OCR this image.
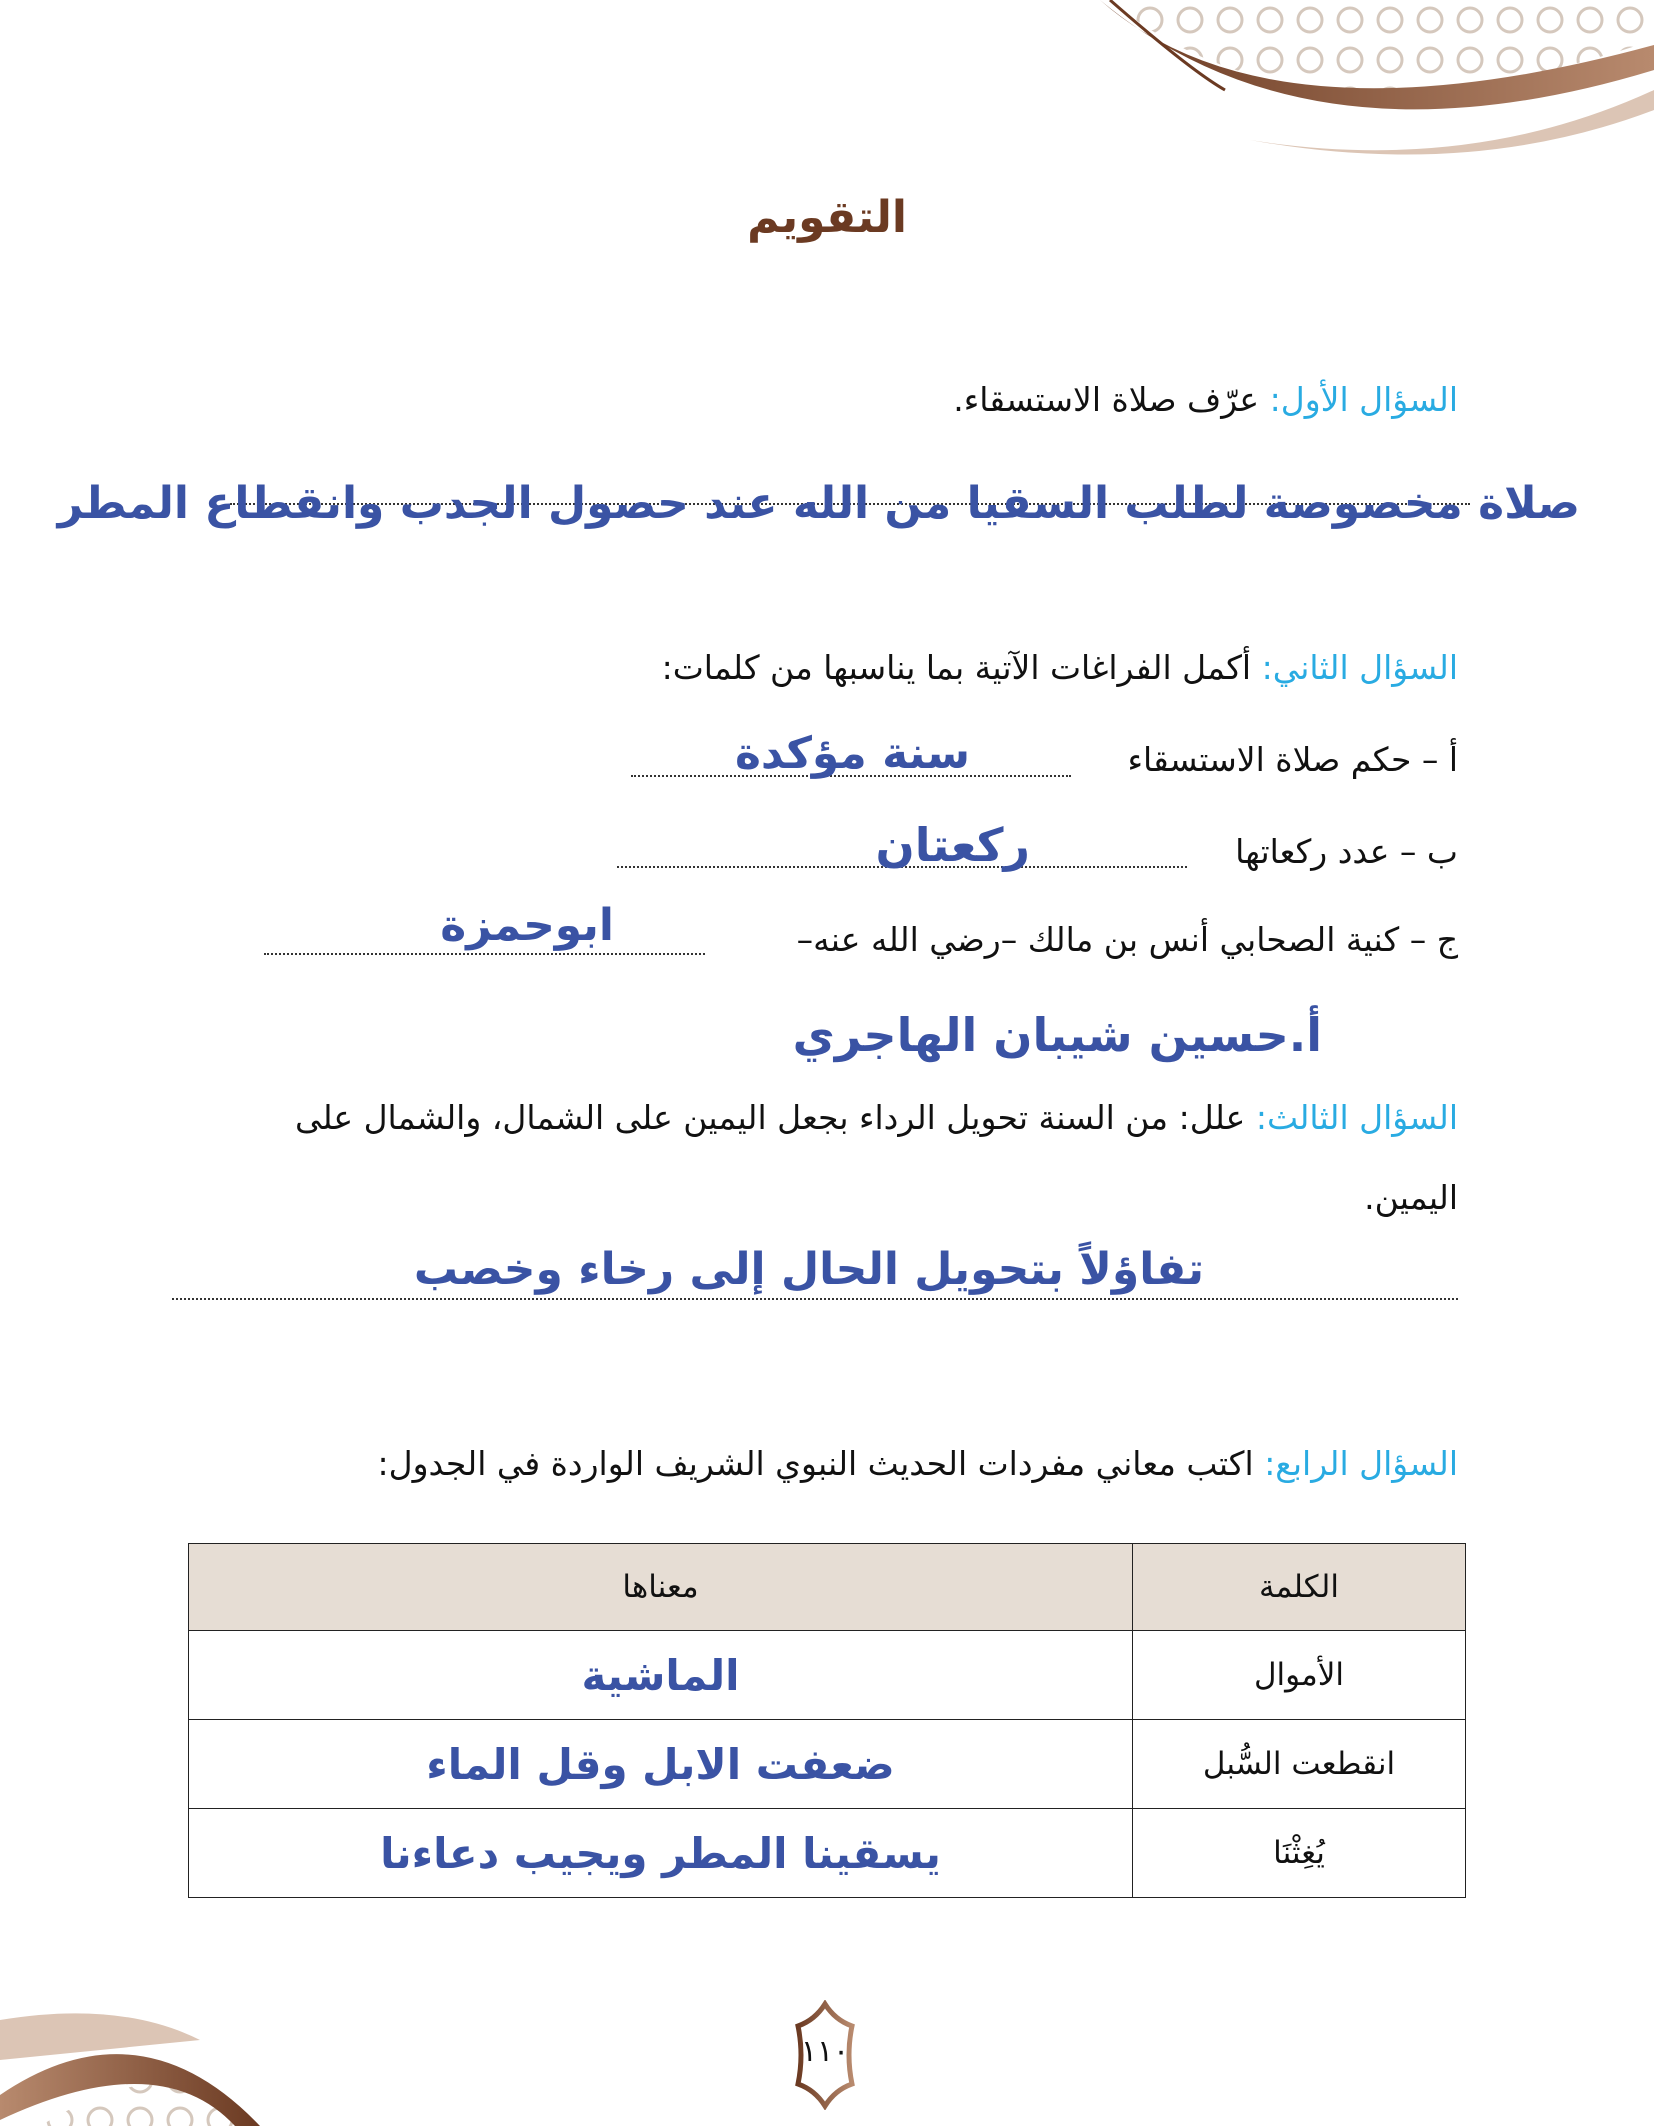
التقويم
السؤال الأول: عرّف صلاة الاستسقاء.
صلاة مخصوصة لطلب السقيا من الله عند حصول الجدب وانقطاع المطر
السؤال الثاني: أكمل الفراغات الآتية بما يناسبها من كلمات:
أ – حكم صلاة الاستسقاء
سنة مؤكدة
ب – عدد ركعاتها
ركعتان
ج – كنية الصحابي أنس بن مالك –رضي الله عنه–
ابوحمزة
أ.حسين شيبان الهاجري
السؤال الثالث: علل: من السنة تحويل الرداء بجعل اليمين على الشمال، والشمال على
اليمين.
تفاؤلاً بتحويل الحال إلى رخاء وخصب
السؤال الرابع: اكتب معاني مفردات الحديث النبوي الشريف الواردة في الجدول:
الكلمة	معناها
الأموال	الماشية
انقطعت السُّبل	ضعفت الابل وقل الماء
يُغِثْنَا	يسقينا المطر ويجيب دعاءنا
١١٠
